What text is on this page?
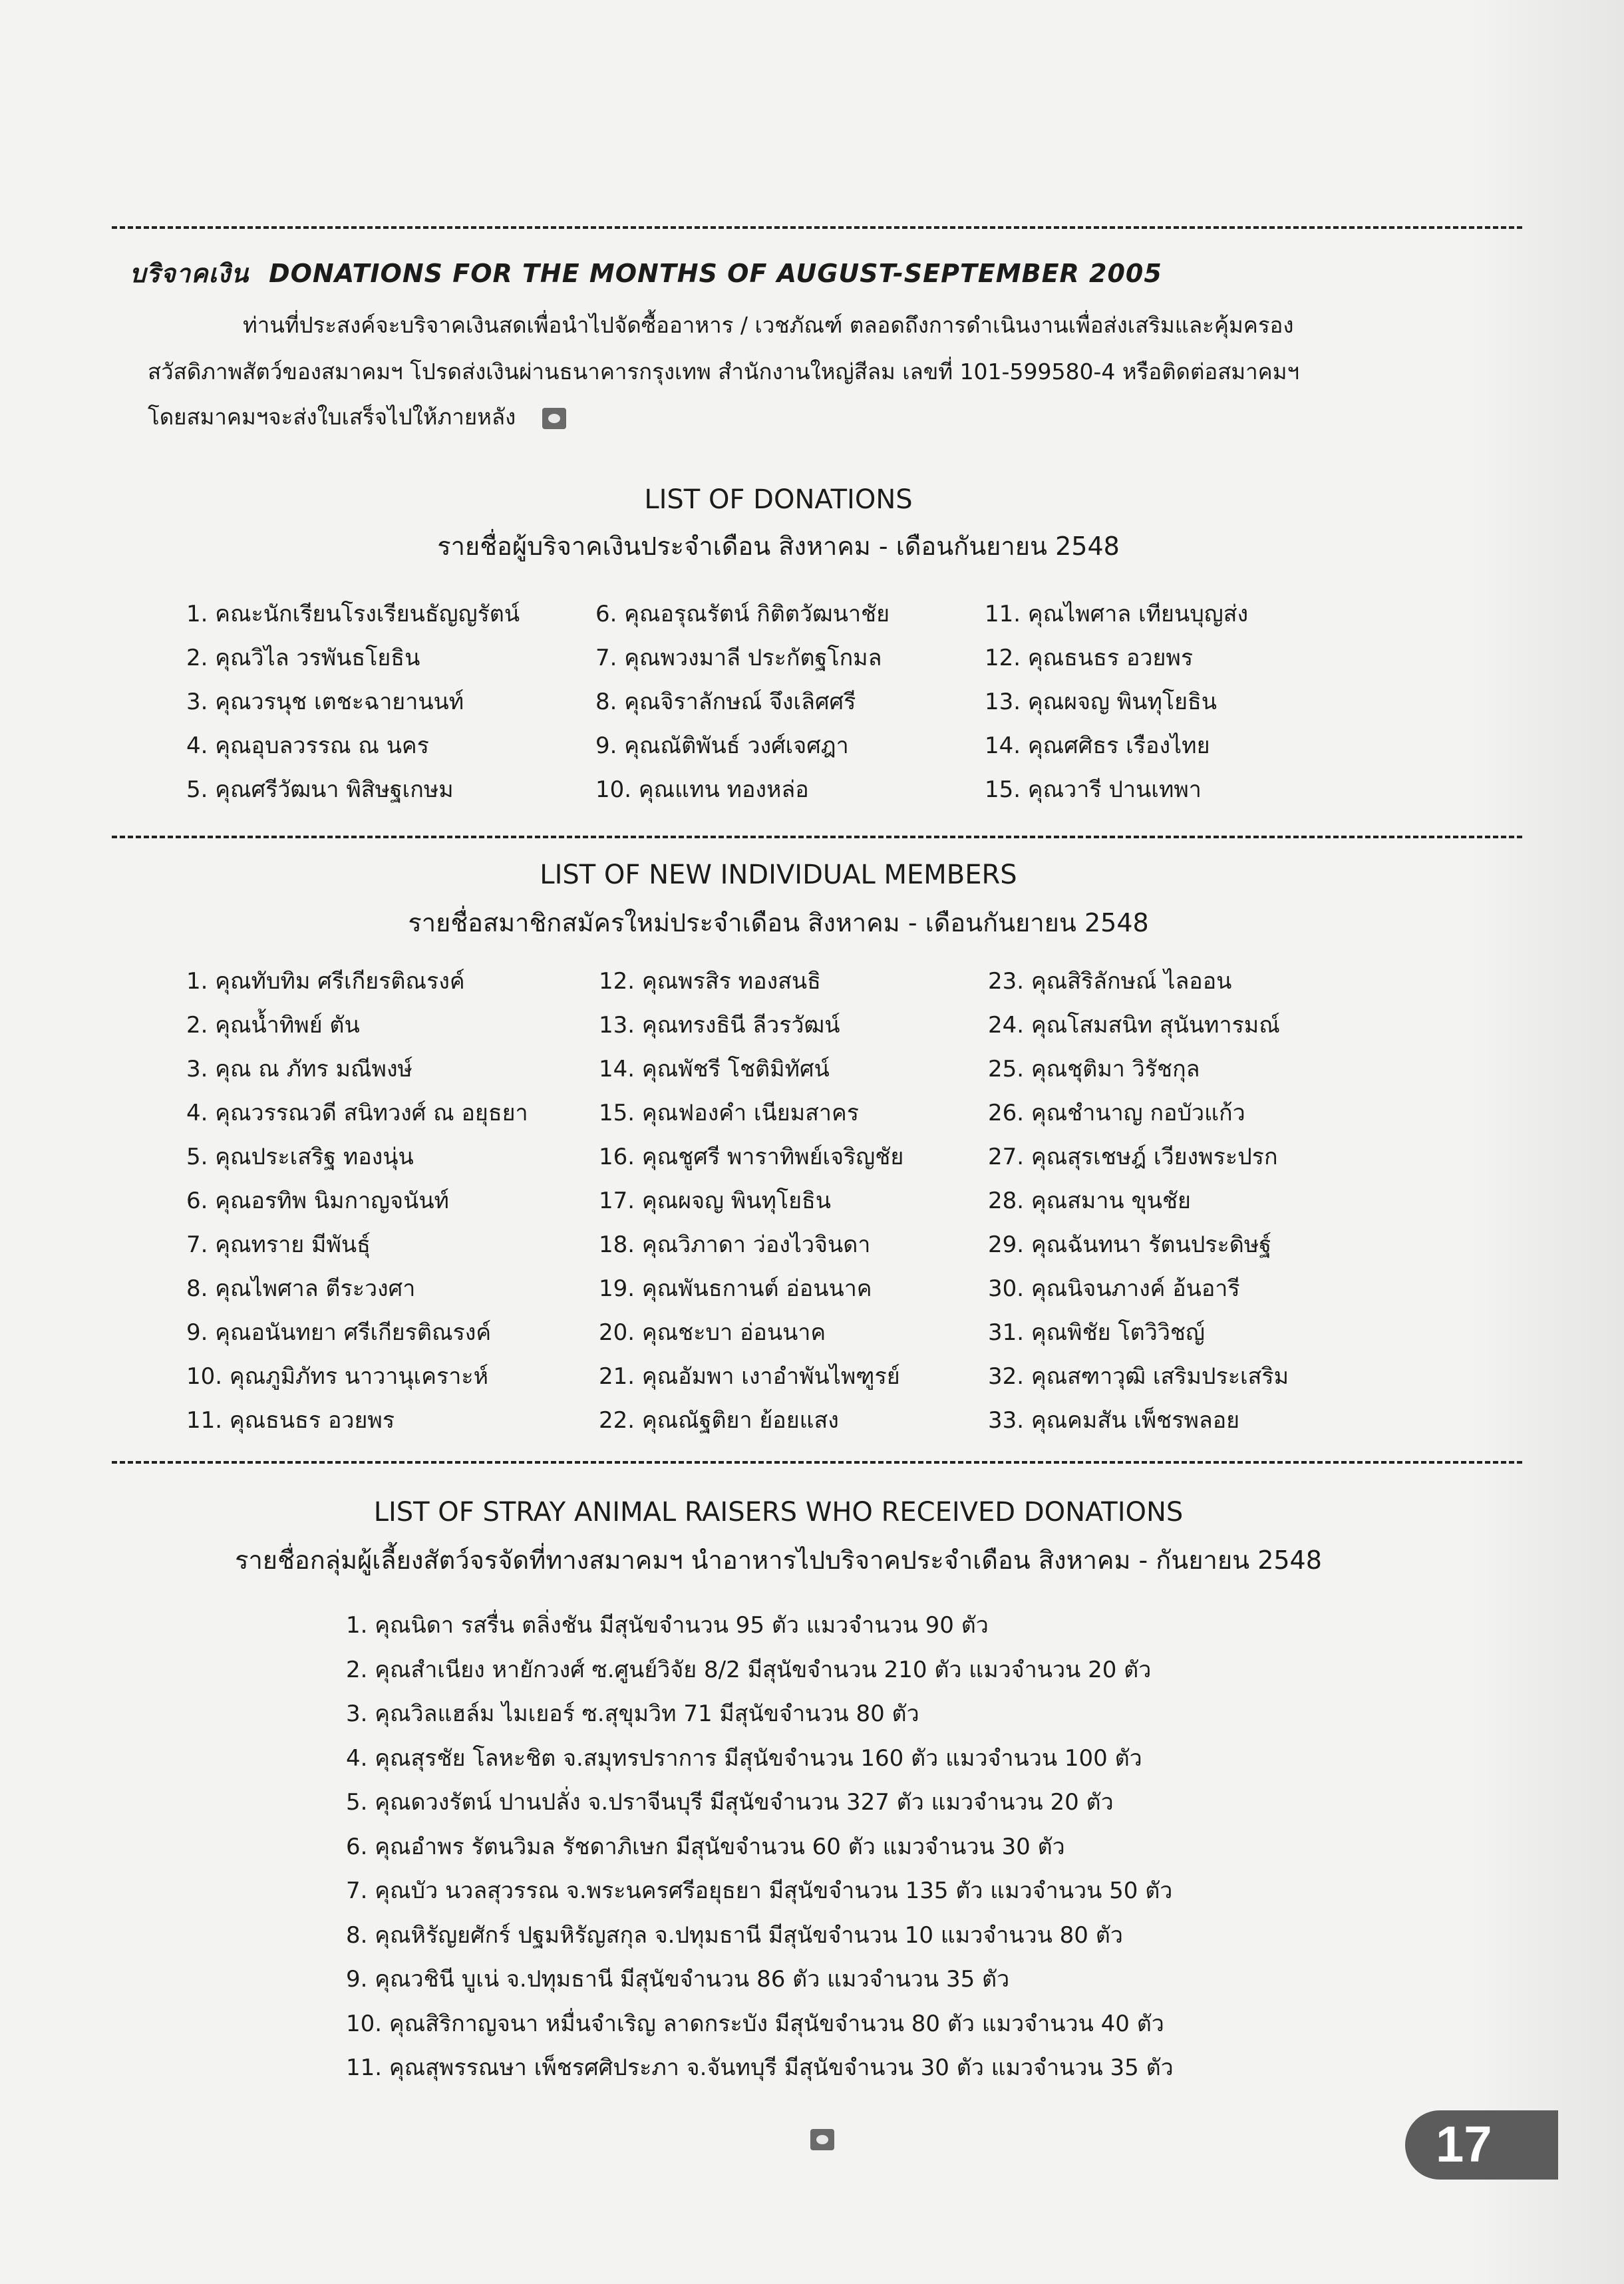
บริจาคเงิน DONATIONS FOR THE MONTHS OF AUGUST-SEPTEMBER 2005
ท่านที่ประสงค์จะบริจาคเงินสดเพื่อนำไปจัดซื้ออาหาร / เวชภัณฑ์ ตลอดถึงการดำเนินงานเพื่อส่งเสริมและคุ้มครอง
สวัสดิภาพสัตว์ของสมาคมฯ โปรดส่งเงินผ่านธนาคารกรุงเทพ สำนักงานใหญ่สีลม เลขที่ 101-599580-4 หรือติดต่อสมาคมฯ
โดยสมาคมฯจะส่งใบเสร็จไปให้ภายหลัง
LIST OF DONATIONS
รายชื่อผู้บริจาคเงินประจำเดือน สิงหาคม - เดือนกันยายน 2548
1. คณะนักเรียนโรงเรียนธัญญรัตน์
2. คุณวิไล วรพันธโยธิน
3. คุณวรนุช เตชะฉายานนท์
4. คุณอุบลวรรณ ณ นคร
5. คุณศรีวัฒนา พิสิษฐเกษม
6. คุณอรุณรัตน์ กิติตวัฒนาชัย
7. คุณพวงมาลี ประกัตฐโกมล
8. คุณจิราลักษณ์ จึงเลิศศรี
9. คุณณัติพันธ์ วงศ์เจศฎา
10. คุณแทน ทองหล่อ
11. คุณไพศาล เทียนบุญส่ง
12. คุณธนธร อวยพร
13. คุณผจญ พินทุโยธิน
14. คุณศศิธร เรืองไทย
15. คุณวารี ปานเทพา
LIST OF NEW INDIVIDUAL MEMBERS
รายชื่อสมาชิกสมัครใหม่ประจำเดือน สิงหาคม - เดือนกันยายน 2548
1. คุณทับทิม ศรีเกียรติณรงค์
2. คุณน้ำทิพย์ ตัน
3. คุณ ณ ภัทร มณีพงษ์
4. คุณวรรณวดี สนิทวงศ์ ณ อยุธยา
5. คุณประเสริฐ ทองนุ่น
6. คุณอรทิพ นิมกาญจนันท์
7. คุณทราย มีพันธุ์
8. คุณไพศาล ตีระวงศา
9. คุณอนันทยา ศรีเกียรติณรงค์
10. คุณภูมิภัทร นาวานุเคราะห์
11. คุณธนธร อวยพร
12. คุณพรสิร ทองสนธิ
13. คุณทรงธินี ลีวรวัฒน์
14. คุณพัชรี โชติมิทัศน์
15. คุณฟองคำ เนียมสาคร
16. คุณชูศรี พาราทิพย์เจริญชัย
17. คุณผจญ พินทุโยธิน
18. คุณวิภาดา ว่องไวจินดา
19. คุณพันธกานต์ อ่อนนาค
20. คุณชะบา อ่อนนาค
21. คุณอัมพา เงาอำพันไพฑูรย์
22. คุณณัฐติยา ย้อยแสง
23. คุณสิริลักษณ์ ไลออน
24. คุณโสมสนิท สุนันทารมณ์
25. คุณชุติมา วิรัชกุล
26. คุณชำนาญ กอบัวแก้ว
27. คุณสุรเชษฎ์ เวียงพระปรก
28. คุณสมาน ขุนชัย
29. คุณฉันทนา รัตนประดิษฐ์
30. คุณนิจนภางค์ อ้นอารี
31. คุณพิชัย โตวิวิชญ์
32. คุณสฑาวุฒิ เสริมประเสริม
33. คุณคมสัน เพ็ชรพลอย
LIST OF STRAY ANIMAL RAISERS WHO RECEIVED DONATIONS
รายชื่อกลุ่มผู้เลี้ยงสัตว์จรจัดที่ทางสมาคมฯ นำอาหารไปบริจาคประจำเดือน สิงหาคม - กันยายน 2548
1. คุณนิดา รสรื่น ตลิ่งชัน มีสุนัขจำนวน 95 ตัว แมวจำนวน 90 ตัว
2. คุณสำเนียง หายักวงศ์ ซ.ศูนย์วิจัย 8/2 มีสุนัขจำนวน 210 ตัว แมวจำนวน 20 ตัว
3. คุณวิลแฮล์ม ไมเยอร์ ซ.สุขุมวิท 71 มีสุนัขจำนวน 80 ตัว
4. คุณสุรชัย โลหะชิต จ.สมุทรปราการ มีสุนัขจำนวน 160 ตัว แมวจำนวน 100 ตัว
5. คุณดวงรัตน์ ปานปลั่ง จ.ปราจีนบุรี มีสุนัขจำนวน 327 ตัว แมวจำนวน 20 ตัว
6. คุณอำพร รัตนวิมล รัชดาภิเษก มีสุนัขจำนวน 60 ตัว แมวจำนวน 30 ตัว
7. คุณบัว นวลสุวรรณ จ.พระนครศรีอยุธยา มีสุนัขจำนวน 135 ตัว แมวจำนวน 50 ตัว
8. คุณหิรัญยศักร์ ปฐมหิรัญสกุล จ.ปทุมธานี มีสุนัขจำนวน 10 แมวจำนวน 80 ตัว
9. คุณวชินี บูเน่ จ.ปทุมธานี มีสุนัขจำนวน 86 ตัว แมวจำนวน 35 ตัว
10. คุณสิริกาญจนา หมื่นจำเริญ ลาดกระบัง มีสุนัขจำนวน 80 ตัว แมวจำนวน 40 ตัว
11. คุณสุพรรณษา เพ็ชรศศิประภา จ.จันทบุรี มีสุนัขจำนวน 30 ตัว แมวจำนวน 35 ตัว
17
